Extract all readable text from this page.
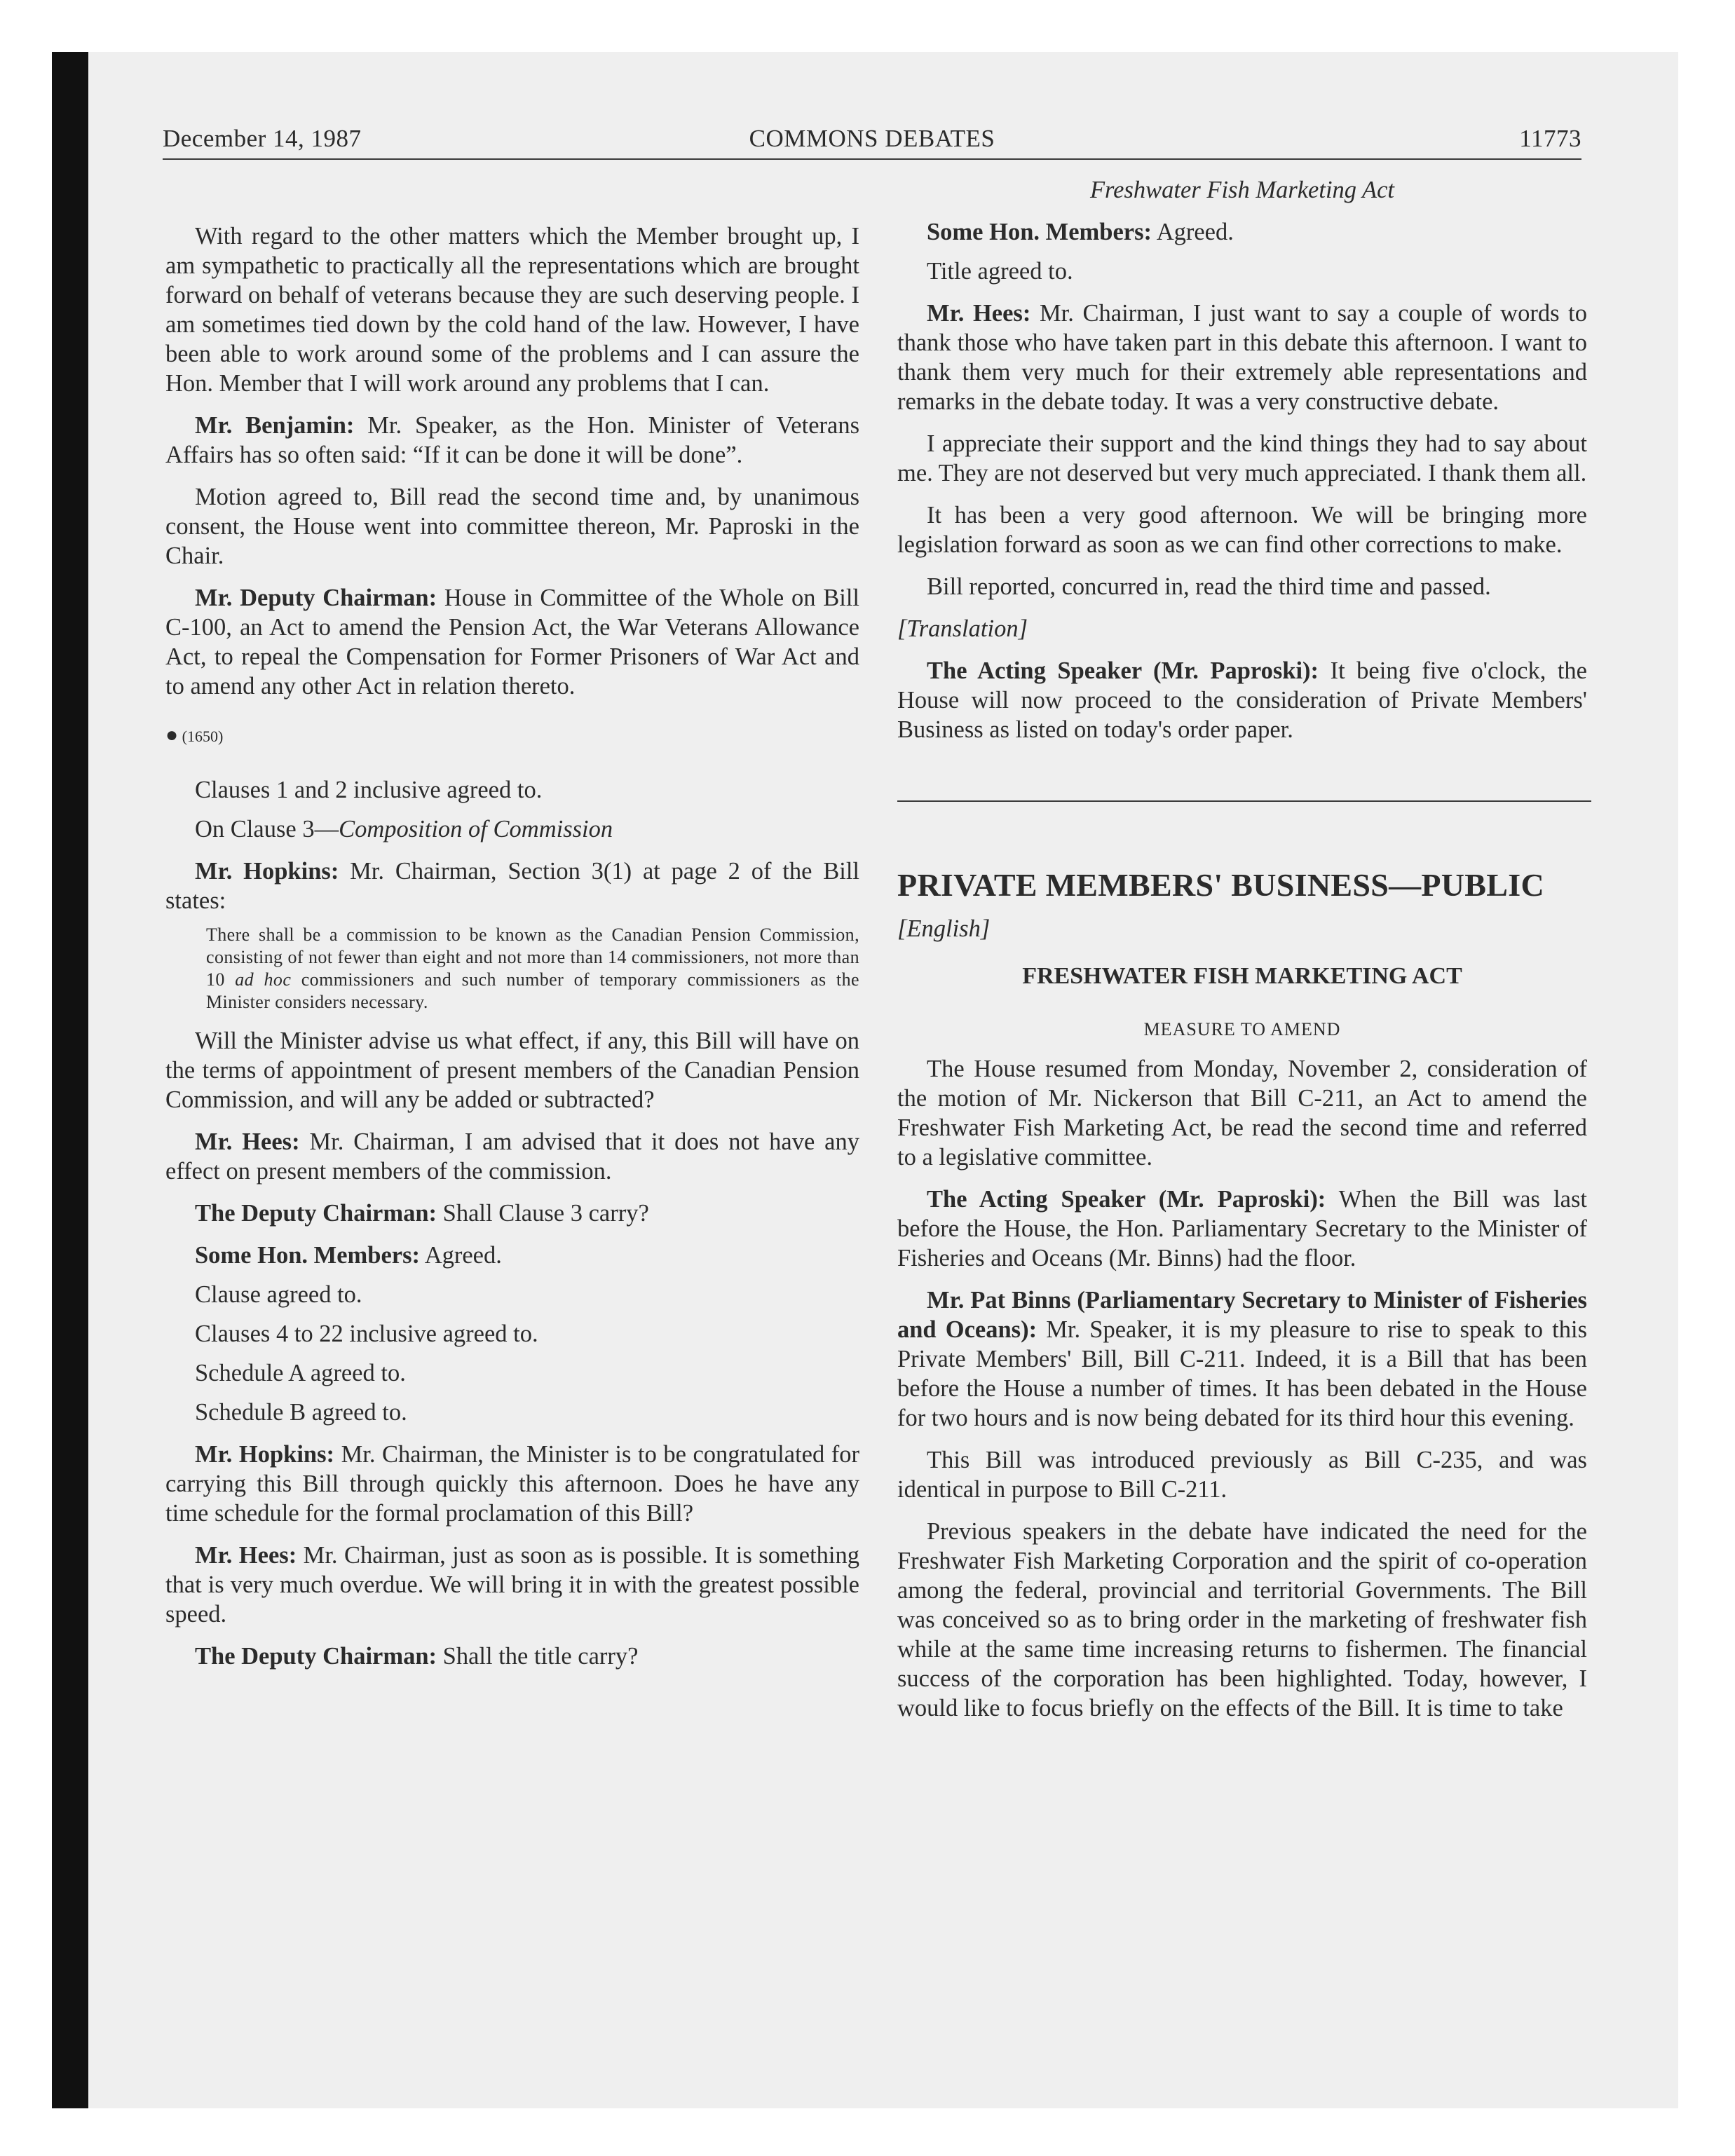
December 14, 1987	COMMONS DEBATES	11773

With regard to the other matters which the Member brought up, I am sympathetic to practically all the representations which are brought forward on behalf of veterans because they are such deserving people. I am sometimes tied down by the cold hand of the law. However, I have been able to work around some of the problems and I can assure the Hon. Member that I will work around any problems that I can.

Mr. Benjamin: Mr. Speaker, as the Hon. Minister of Veterans Affairs has so often said: “If it can be done it will be done”.

Motion agreed to, Bill read the second time and, by unanimous consent, the House went into committee thereon, Mr. Paproski in the Chair.

Mr. Deputy Chairman: House in Committee of the Whole on Bill C-100, an Act to amend the Pension Act, the War Veterans Allowance Act, to repeal the Compensation for Former Prisoners of War Act and to amend any other Act in relation thereto.

● (1650)

Clauses 1 and 2 inclusive agreed to.

On Clause 3—Composition of Commission

Mr. Hopkins: Mr. Chairman, Section 3(1) at page 2 of the Bill states:

There shall be a commission to be known as the Canadian Pension Commission, consisting of not fewer than eight and not more than 14 commissioners, not more than 10 ad hoc commissioners and such number of temporary commissioners as the Minister considers necessary.

Will the Minister advise us what effect, if any, this Bill will have on the terms of appointment of present members of the Canadian Pension Commission, and will any be added or subtracted?

Mr. Hees: Mr. Chairman, I am advised that it does not have any effect on present members of the commission.

The Deputy Chairman: Shall Clause 3 carry?

Some Hon. Members: Agreed.

Clause agreed to.

Clauses 4 to 22 inclusive agreed to.

Schedule A agreed to.

Schedule B agreed to.

Mr. Hopkins: Mr. Chairman, the Minister is to be congratulated for carrying this Bill through quickly this afternoon. Does he have any time schedule for the formal proclamation of this Bill?

Mr. Hees: Mr. Chairman, just as soon as is possible. It is something that is very much overdue. We will bring it in with the greatest possible speed.

The Deputy Chairman: Shall the title carry?

Freshwater Fish Marketing Act

Some Hon. Members: Agreed.

Title agreed to.

Mr. Hees: Mr. Chairman, I just want to say a couple of words to thank those who have taken part in this debate this afternoon. I want to thank them very much for their extremely able representations and remarks in the debate today. It was a very constructive debate.

I appreciate their support and the kind things they had to say about me. They are not deserved but very much appreciated. I thank them all.

It has been a very good afternoon. We will be bringing more legislation forward as soon as we can find other corrections to make.

Bill reported, concurred in, read the third time and passed.

[Translation]

The Acting Speaker (Mr. Paproski): It being five o'clock, the House will now proceed to the consideration of Private Members' Business as listed on today's order paper.

PRIVATE MEMBERS' BUSINESS—PUBLIC

[English]

FRESHWATER FISH MARKETING ACT

MEASURE TO AMEND

The House resumed from Monday, November 2, consideration of the motion of Mr. Nickerson that Bill C-211, an Act to amend the Freshwater Fish Marketing Act, be read the second time and referred to a legislative committee.

The Acting Speaker (Mr. Paproski): When the Bill was last before the House, the Hon. Parliamentary Secretary to the Minister of Fisheries and Oceans (Mr. Binns) had the floor.

Mr. Pat Binns (Parliamentary Secretary to Minister of Fisheries and Oceans): Mr. Speaker, it is my pleasure to rise to speak to this Private Members' Bill, Bill C-211. Indeed, it is a Bill that has been before the House a number of times. It has been debated in the House for two hours and is now being debated for its third hour this evening.

This Bill was introduced previously as Bill C-235, and was identical in purpose to Bill C-211.

Previous speakers in the debate have indicated the need for the Freshwater Fish Marketing Corporation and the spirit of co-operation among the federal, provincial and territorial Governments. The Bill was conceived so as to bring order in the marketing of freshwater fish while at the same time increasing returns to fishermen. The financial success of the corporation has been highlighted. Today, however, I would like to focus briefly on the effects of the Bill. It is time to take
